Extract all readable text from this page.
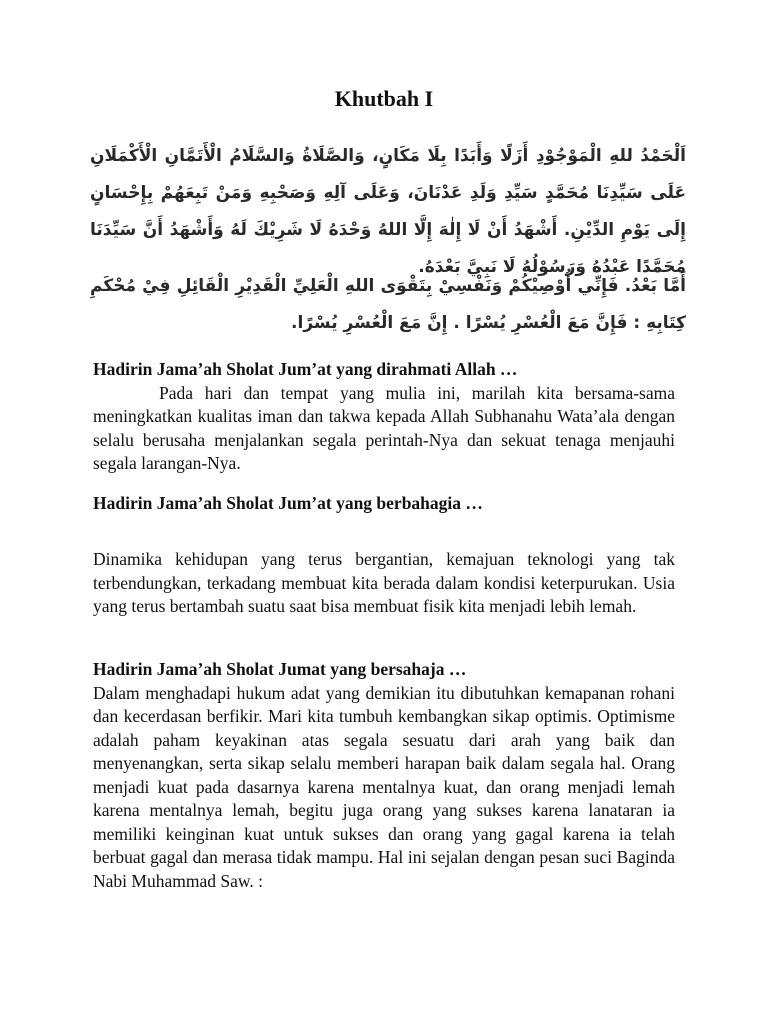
Khutbah I
اَلْحَمْدُ للهِ الْمَوْجُوْدِ أَزَلًا وَأَبَدًا بِلَا مَكَانٍ، وَالصَّلَاةُ وَالسَّلَامُ الْأَتَمَّانِ الْأَكْمَلَانِ عَلَى سَيِّدِنَا مُحَمَّدٍ سَيِّدِ وَلَدِ عَدْنَانَ، وَعَلَى آلِهِ وَصَحْبِهِ وَمَنْ تَبِعَهُمْ بِإِحْسَانٍ إِلَى يَوْمِ الدِّيْنِ. أَشْهَدُ أَنْ لَا إِلٰهَ إِلَّا اللهُ وَحْدَهُ لَا شَرِيْكَ لَهُ وَأَشْهَدُ أَنَّ سَيِّدَنَا مُحَمَّدًا عَبْدُهُ وَرَسُوْلُهُ لَا نَبِيَّ بَعْدَهُ.
أَمَّا بَعْدُ. فَإِنِّي أُوْصِيْكُمْ وَنَفْسِيْ بِتَقْوَى اللهِ الْعَلِيِّ الْقَدِيْرِ الْقَائِلِ فِيْ مُحْكَمِ كِتَابِهِ : فَإِنَّ مَعَ الْعُسْرِ يُسْرًا . إِنَّ مَعَ الْعُسْرِ يُسْرًا.

Hadirin Jama’ah Sholat Jum’at yang dirahmati Allah …

Pada hari dan tempat yang mulia ini, marilah kita bersama-sama meningkatkan kualitas iman dan takwa kepada Allah Subhanahu Wata’ala dengan selalu berusaha menjalankan segala perintah-Nya dan sekuat tenaga menjauhi segala larangan-Nya.

Hadirin Jama’ah Sholat Jum’at yang berbahagia …

Dinamika kehidupan yang terus bergantian, kemajuan teknologi yang tak terbendungkan, terkadang membuat kita berada dalam kondisi keterpurukan. Usia yang terus bertambah suatu saat bisa membuat fisik kita menjadi lebih lemah.

Hadirin Jama’ah Sholat Jumat yang bersahaja …

Dalam menghadapi hukum adat yang demikian itu dibutuhkan kemapanan rohani dan kecerdasan berfikir. Mari kita tumbuh kembangkan sikap optimis. Optimisme adalah paham keyakinan atas segala sesuatu dari arah yang baik dan menyenangkan, serta sikap selalu memberi harapan baik dalam segala hal. Orang menjadi kuat pada dasarnya karena mentalnya kuat, dan orang menjadi lemah karena mentalnya lemah, begitu juga orang yang sukses karena lanataran ia memiliki keinginan kuat untuk sukses dan orang yang gagal karena ia telah berbuat gagal dan merasa tidak mampu. Hal ini sejalan dengan pesan suci Baginda Nabi Muhammad Saw. :
